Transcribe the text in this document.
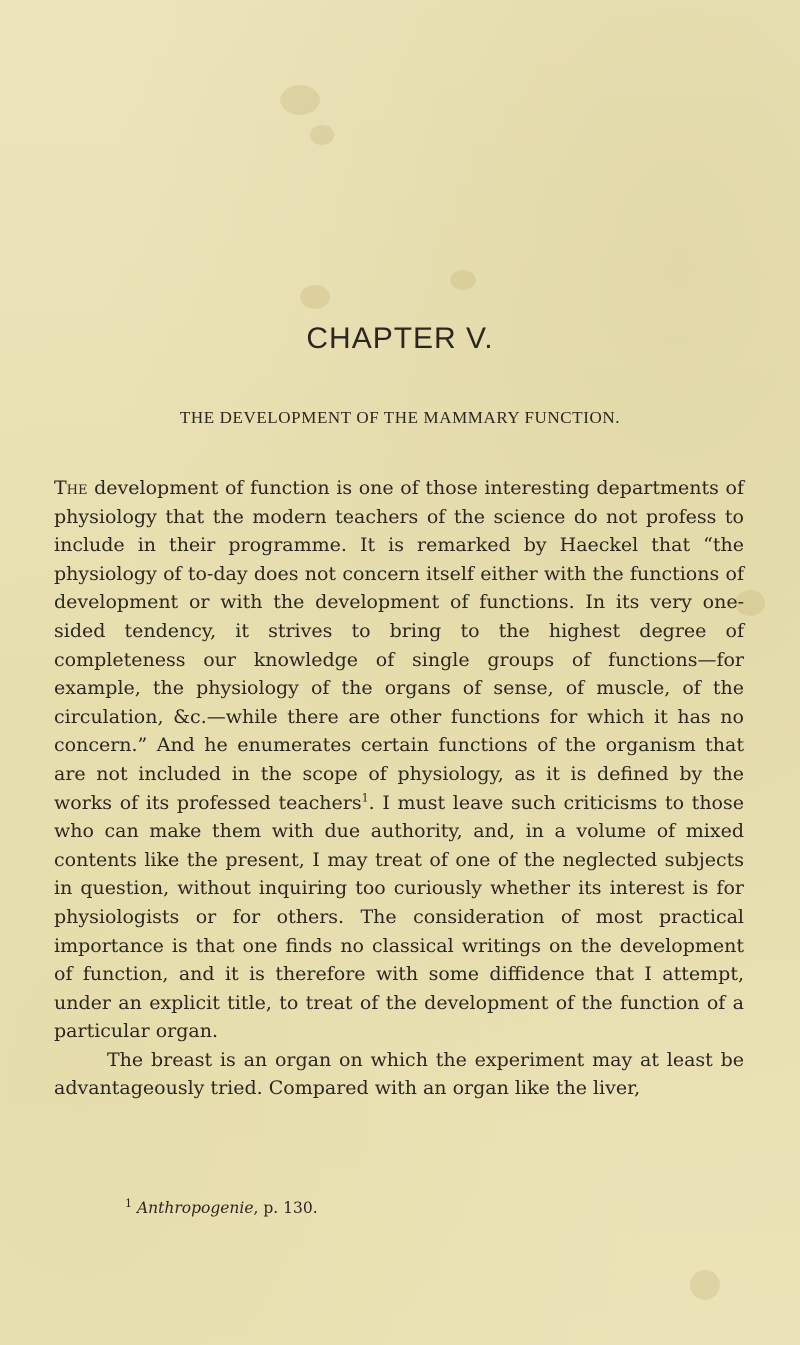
CHAPTER V.
THE DEVELOPMENT OF THE MAMMARY FUNCTION.

The development of function is one of those interesting departments of physiology that the modern teachers of the science do not profess to include in their programme. It is remarked by Haeckel that “the physiology of to-day does not concern itself either with the functions of development or with the development of functions. In its very one-sided tendency, it strives to bring to the highest degree of completeness our knowledge of single groups of functions—for example, the physiology of the organs of sense, of muscle, of the circulation, &c.—while there are other functions for which it has no concern.” And he enumerates certain functions of the organism that are not included in the scope of physiology, as it is defined by the works of its professed teachers$^1$. I must leave such criticisms to those who can make them with due authority, and, in a volume of mixed contents like the present, I may treat of one of the neglected subjects in question, without inquiring too curiously whether its interest is for physiologists or for others. The consideration of most practical importance is that one finds no classical writings on the development of function, and it is therefore with some diffidence that I attempt, under an explicit title, to treat of the development of the function of a particular organ.

The breast is an organ on which the experiment may at least be advantageously tried. Compared with an organ like the liver,

$^1$ Anthropogenie, p. 130.
